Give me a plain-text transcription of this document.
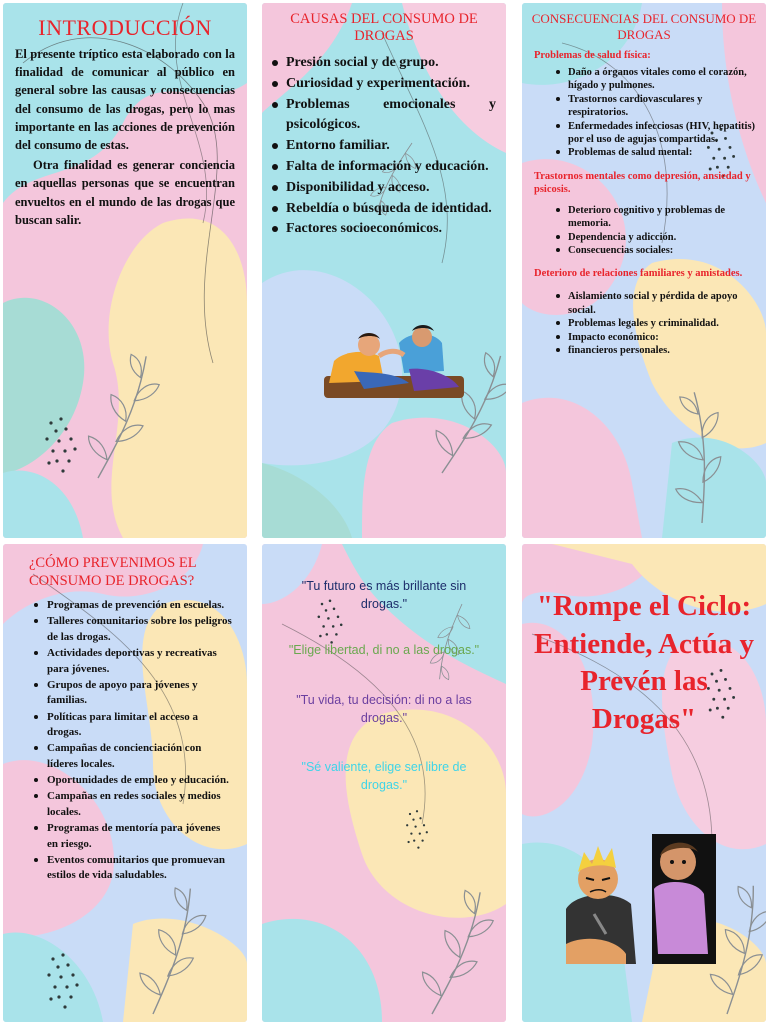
INTRODUCCIÓN

El presente tríptico esta elaborado con la finalidad de comunicar al público en general sobre las causas y consecuencias del consumo de las drogas, pero lo mas importante en las acciones de prevención del consumo de estas.

Otra finalidad es generar conciencia en aquellas personas que se encuentran envueltos en el mundo de las drogas que buscan salir.

CAUSAS DEL CONSUMO DE DROGAS
Presión social y de grupo.
Curiosidad y experimentación.
Problemas emocionales y psicológicos.
Entorno familiar.
Falta de información y educación.
Disponibilidad y acceso.
Rebeldía o búsqueda de identidad.
Factores socioeconómicos.
CONSECUENCIAS DEL CONSUMO DE DROGAS
Problemas de salud física:
Daño a órganos vitales como el corazón, hígado y pulmones.
Trastornos cardiovasculares y respiratorios.
Enfermedades infecciosas (HIV, hepatitis) por el uso de agujas compartidas.
Problemas de salud mental:
Trastornos mentales como depresión, ansiedad y psicosis.
Deterioro cognitivo y problemas de memoria.
Dependencia y adicción.
Consecuencias sociales:
Deterioro de relaciones familiares y amistades.
Aislamiento social y pérdida de apoyo social.
Problemas legales y criminalidad.
Impacto económico:
financieros personales.
¿CÓMO PREVENIMOS EL CONSUMO DE DROGAS?
Programas de prevención en escuelas.
Talleres comunitarios sobre los peligros de las drogas.
Actividades deportivas y recreativas para jóvenes.
Grupos de apoyo para jóvenes y familias.
Políticas para limitar el acceso a drogas.
Campañas de concienciación con líderes locales.
Oportunidades de empleo y educación.
Campañas en redes sociales y medios locales.
Programas de mentoría para jóvenes en riesgo.
Eventos comunitarios que promuevan estilos de vida saludables.
"Tu futuro es más brillante sin drogas."
"Elige libertad, di no a las drogas."
"Tu vida, tu decisión: di no a las drogas."
"Sé valiente, elige ser libre de drogas."
"Rompe el Ciclo: Entiende, Actúa y Prevén las Drogas"
